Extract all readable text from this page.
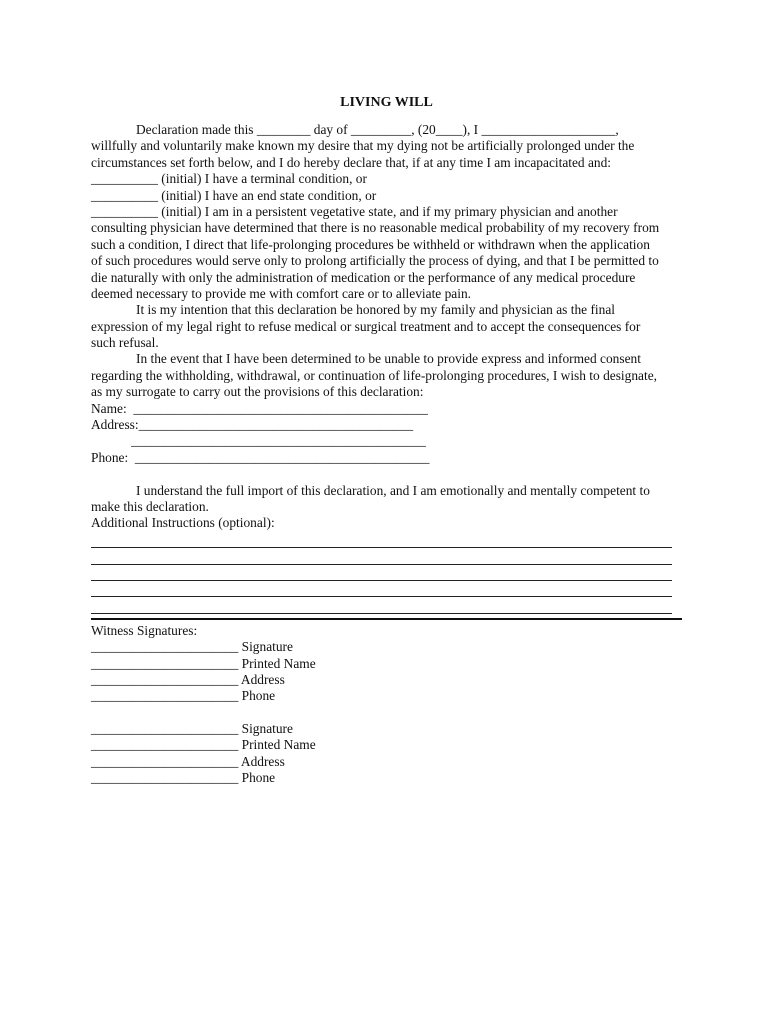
LIVING WILL
Declaration made this ________ day of _________, (20____), I ____________________,
willfully and voluntarily make known my desire that my dying not be artificially prolonged under the
circumstances set forth below, and I do hereby declare that, if at any time I am incapacitated and:
__________ (initial) I have a terminal condition, or
__________ (initial) I have an end state condition, or
__________ (initial) I am in a persistent vegetative state, and if my primary physician and another
consulting physician have determined that there is no reasonable medical probability of my recovery from
such a condition, I direct that life-prolonging procedures be withheld or withdrawn when the application
of such procedures would serve only to prolong artificially the process of dying, and that I be permitted to
die naturally with only the administration of medication or the performance of any medical procedure
deemed necessary to provide me with comfort care or to alleviate pain.
It is my intention that this declaration be honored by my family and physician as the final
expression of my legal right to refuse medical or surgical treatment and to accept the consequences for
such refusal.
In the event that I have been determined to be unable to provide express and informed consent
regarding the withholding, withdrawal, or continuation of life-prolonging procedures, I wish to designate,
as my surrogate to carry out the provisions of this declaration:
Name:  ____________________________________________
Address:_________________________________________
____________________________________________
Phone:  ____________________________________________
I understand the full import of this declaration, and I am emotionally and mentally competent to
make this declaration.
Additional Instructions (optional):
Witness Signatures:
______________________ Signature
______________________ Printed Name
______________________ Address
______________________ Phone
______________________ Signature
______________________ Printed Name
______________________ Address
______________________ Phone
